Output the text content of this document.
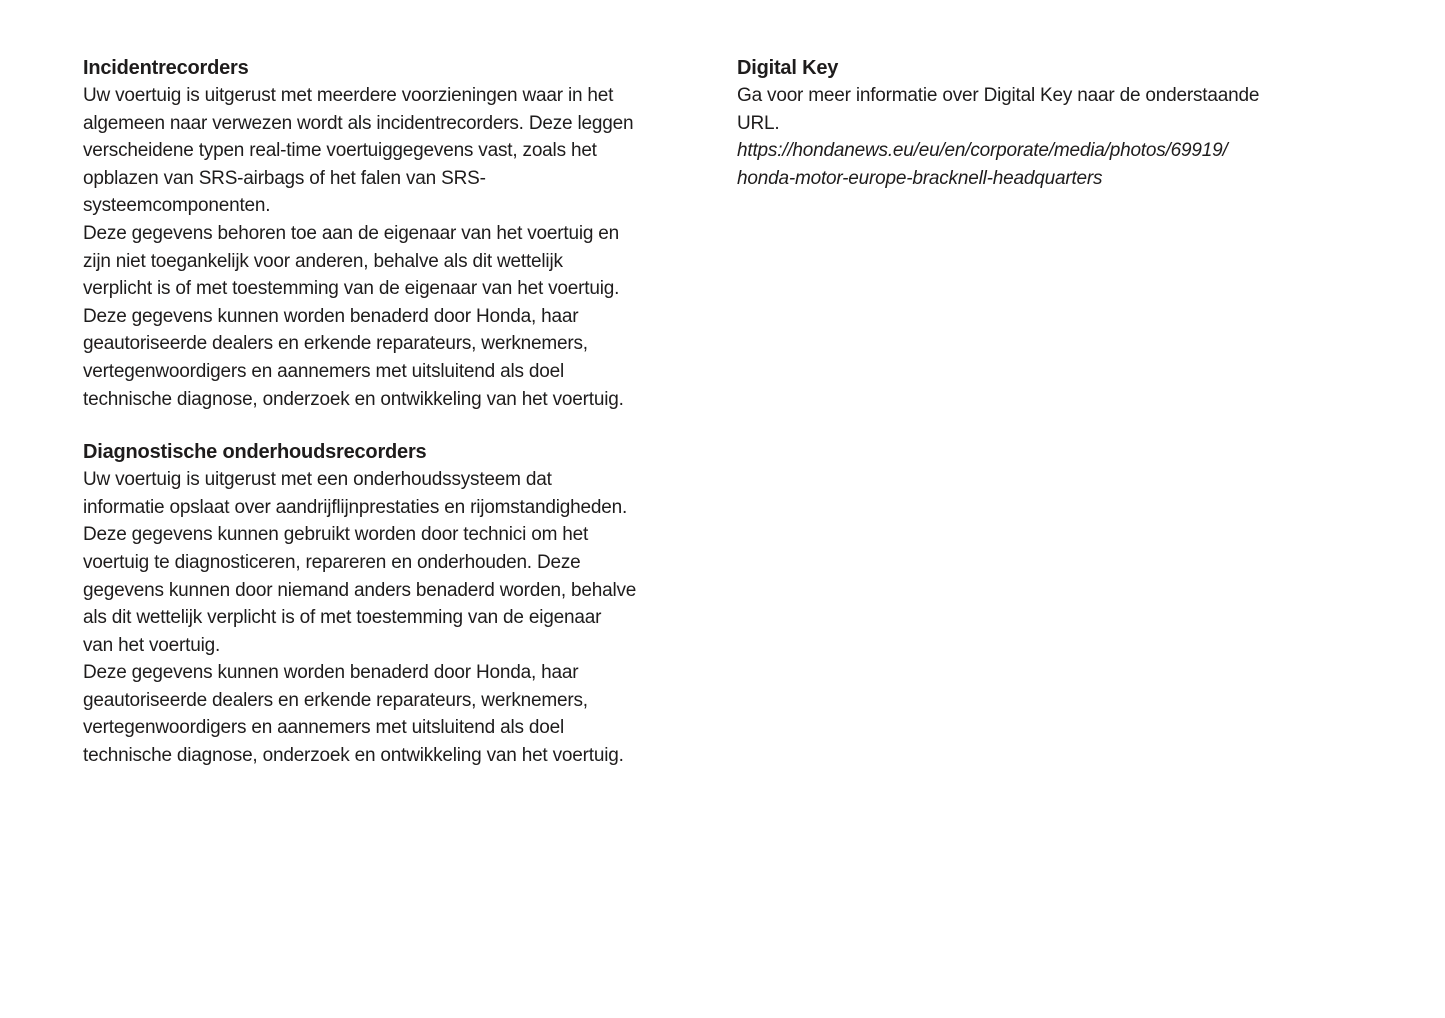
Incidentrecorders
Uw voertuig is uitgerust met meerdere voorzieningen waar in het
algemeen naar verwezen wordt als incidentrecorders. Deze leggen
verscheidene typen real-time voertuiggegevens vast, zoals het
opblazen van SRS-airbags of het falen van SRS-
systeemcomponenten.
Deze gegevens behoren toe aan de eigenaar van het voertuig en
zijn niet toegankelijk voor anderen, behalve als dit wettelijk
verplicht is of met toestemming van de eigenaar van het voertuig.
Deze gegevens kunnen worden benaderd door Honda, haar
geautoriseerde dealers en erkende reparateurs, werknemers,
vertegenwoordigers en aannemers met uitsluitend als doel
technische diagnose, onderzoek en ontwikkeling van het voertuig.
Diagnostische onderhoudsrecorders
Uw voertuig is uitgerust met een onderhoudssysteem dat
informatie opslaat over aandrijflijnprestaties en rijomstandigheden.
Deze gegevens kunnen gebruikt worden door technici om het
voertuig te diagnosticeren, repareren en onderhouden. Deze
gegevens kunnen door niemand anders benaderd worden, behalve
als dit wettelijk verplicht is of met toestemming van de eigenaar
van het voertuig.
Deze gegevens kunnen worden benaderd door Honda, haar
geautoriseerde dealers en erkende reparateurs, werknemers,
vertegenwoordigers en aannemers met uitsluitend als doel
technische diagnose, onderzoek en ontwikkeling van het voertuig.
Digital Key
Ga voor meer informatie over Digital Key naar de onderstaande
URL.
https://hondanews.eu/eu/en/corporate/media/photos/69919/
honda-motor-europe-bracknell-headquarters
